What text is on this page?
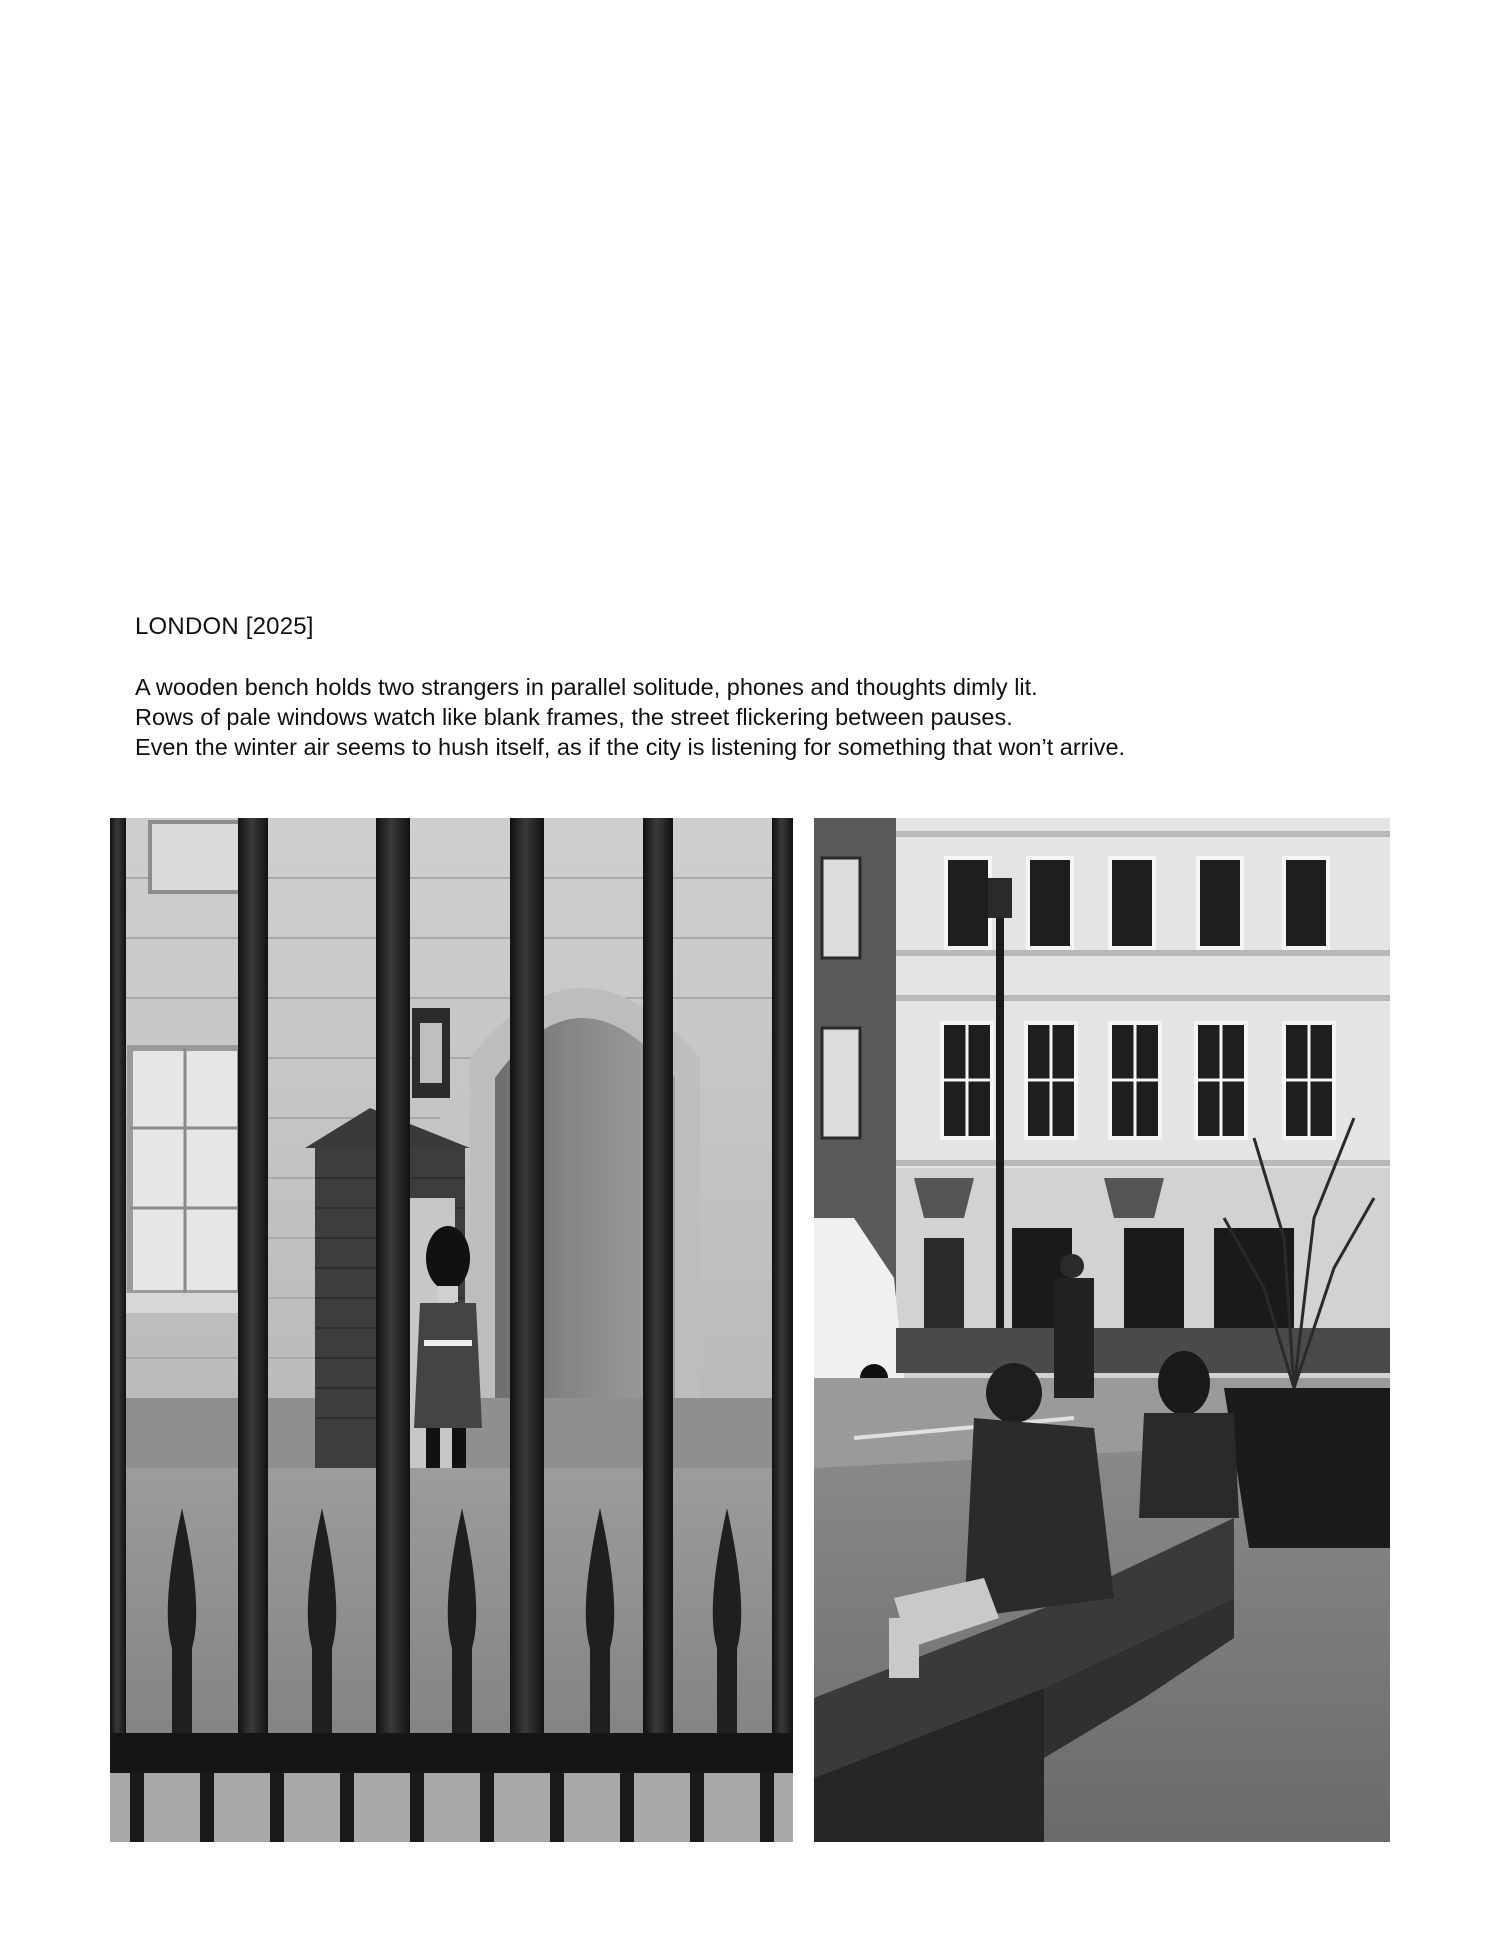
LONDON [2025]

A wooden bench holds two strangers in parallel solitude, phones and thoughts dimly lit.

Rows of pale windows watch like blank frames, the street flickering between pauses.

Even the winter air seems to hush itself, as if the city is listening for something that won’t arrive.
